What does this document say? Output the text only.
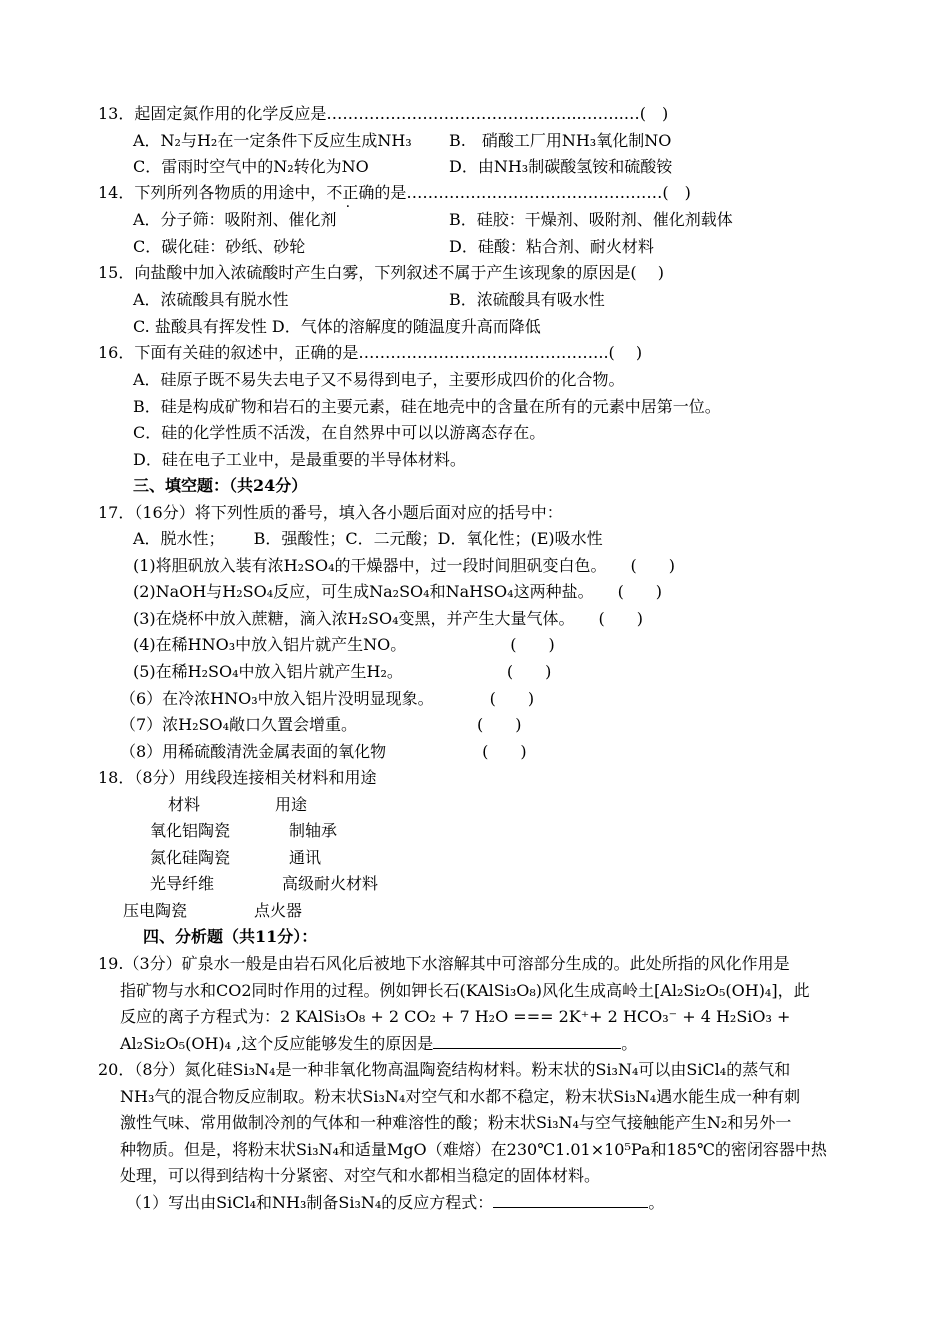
13．起固定氮作用的化学反应是………………………………………...……..…(　)
A．N₂与H₂在一定条件下反应生成NH₃ B.　硝酸工厂用NH₃氧化制NO
C．雷雨时空气中的N₂转化为NO	D．由NH₃制碳酸氢铵和硫酸铵
14．下列所列各物质的用途中，不正确的是…………………………………………(　)
A．分子筛：吸附剂、催化剂	B．硅胶：干燥剂、吸附剂、催化剂载体
C．碳化硅：砂纸、砂轮	D．硅酸：粘合剂、耐火材料
15．向盐酸中加入浓硫酸时产生白雾，下列叙述不属于产生该现象的原因是(　 )
A．浓硫酸具有脱水性	B．浓硫酸具有吸水性
C. 盐酸具有挥发性 D．气体的溶解度的随温度升高而降低
16．下面有关硅的叙述中，正确的是………………………………………..(　 )
A．硅原子既不易失去电子又不易得到电子，主要形成四价的化合物。
B．硅是构成矿物和岩石的主要元素，硅在地壳中的含量在所有的元素中居第一位。
C．硅的化学性质不活泼，在自然界中可以以游离态存在。
D．硅在电子工业中，是最重要的半导体材料。
三、填空题：（共24分）
17．（16分）将下列性质的番号，填入各小题后面对应的括号中：
A．脱水性；　　 B．强酸性；C．二元酸；D．氧化性；(E)吸水性
(1)将胆矾放入装有浓H₂SO₄的干燥器中，过一段时间胆矾变白色。　　(　　)
(2)NaOH与H₂SO₄反应，可生成Na₂SO₄和NaHSO₄这两种盐。　　(　　)
(3)在烧杯中放入蔗糖，滴入浓H₂SO₄变黑，并产生大量气体。　　(　　)
(4)在稀HNO₃中放入铝片就产生NO。　　　　　　　(　　)
(5)在稀H₂SO₄中放入铝片就产生H₂。　　　　　　　(　　)
（6）在冷浓HNO₃中放入铝片没明显现象。　　　　(　　)
（7）浓H₂SO₄敞口久置会增重。　　　　　　　　(　　)
（8）用稀硫酸清洗金属表面的氧化物　　　　　　(　　)
18．（8分）用线段连接相关材料和用途
材料	用途
氧化铝陶瓷	制轴承
氮化硅陶瓷	通讯
光导纤维	高级耐火材料
压电陶瓷	点火器
四、分析题（共11分）：
19.（3分）矿泉水一般是由岩石风化后被地下水溶解其中可溶部分生成的。此处所指的风化作用是
指矿物与水和CO2同时作用的过程。例如钾长石(KAlSi₃O₈)风化生成高岭土[Al₂Si₂O₅(OH)₄]，此
反应的离子方程式为：2 KAlSi₃O₈ + 2 CO₂ + 7 H₂O === 2K⁺+ 2 HCO₃⁻ + 4 H₂SiO₃ +
Al₂Si₂O₅(OH)₄ ,这个反应能够发生的原因是	。
20．（8分）氮化硅Si₃N₄是一种非氧化物高温陶瓷结构材料。粉末状的Si₃N₄可以由SiCl₄的蒸气和
NH₃气的混合物反应制取。粉末状Si₃N₄对空气和水都不稳定，粉末状Si₃N₄遇水能生成一种有刺
激性气味、常用做制冷剂的气体和一种难溶性的酸；粉末状Si₃N₄与空气接触能产生N₂和另外一
种物质。但是，将粉末状Si₃N₄和适量MgO（难熔）在230℃1.01×10⁵Pa和185℃的密闭容器中热
处理，可以得到结构十分紧密、对空气和水都相当稳定的固体材料。
（1）写出由SiCl₄和NH₃制备Si₃N₄的反应方程式：	。
